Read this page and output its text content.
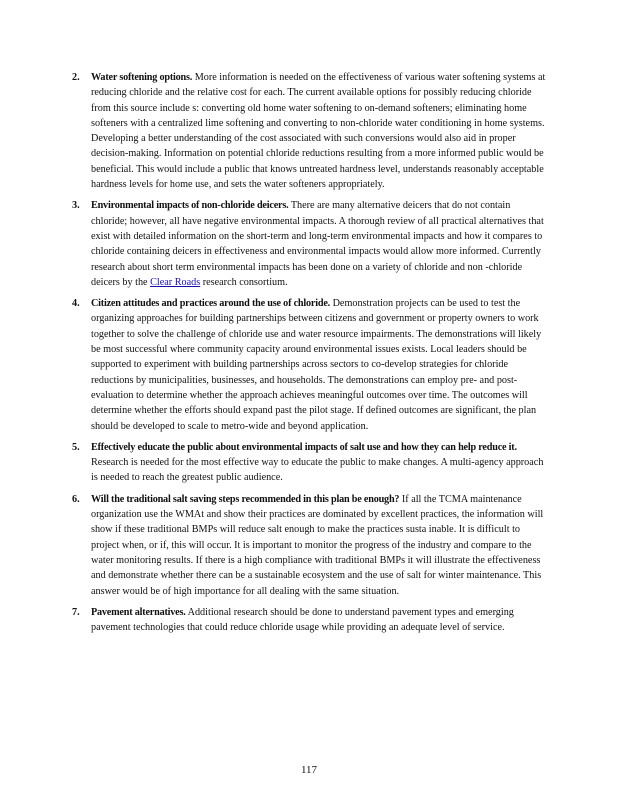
2. Water softening options. More information is needed on the effectiveness of various water softening systems at reducing chloride and the relative cost for each. The current available options for possibly reducing chloride from this source include s: converting old home water softening to on-demand softeners; eliminating home softeners with a centralized lime softening and converting to non-chloride water conditioning in home systems. Developing a better understanding of the cost associated with such conversions would also aid in proper decision-making. Information on potential chloride reductions resulting from a more informed public would be beneficial. This would include a public that knows untreated hardness level, understands reasonably acceptable hardness levels for home use, and sets the water softeners appropriately.
3. Environmental impacts of non-chloride deicers. There are many alternative deicers that do not contain chloride; however, all have negative environmental impacts. A thorough review of all practical alternatives that exist with detailed information on the short-term and long-term environmental impacts and how it compares to chloride containing deicers in effectiveness and environmental impacts would allow more informed. Currently research about short term environmental impacts has been done on a variety of chloride and non -chloride deicers by the Clear Roads research consortium.
4. Citizen attitudes and practices around the use of chloride. Demonstration projects can be used to test the organizing approaches for building partnerships between citizens and government or property owners to work together to solve the challenge of chloride use and water resource impairments. The demonstrations will likely be most successful where community capacity around environmental issues exists. Local leaders should be supported to experiment with building partnerships across sectors to co-develop strategies for chloride reductions by municipalities, businesses, and households. The demonstrations can employ pre- and post-evaluation to determine whether the approach achieves meaningful outcomes over time. The outcomes will determine whether the efforts should expand past the pilot stage. If defined outcomes are significant, the plan should be developed to scale to metro-wide and beyond application.
5. Effectively educate the public about environmental impacts of salt use and how they can help reduce it. Research is needed for the most effective way to educate the public to make changes. A multi-agency approach is needed to reach the greatest public audience.
6. Will the traditional salt saving steps recommended in this plan be enough? If all the TCMA maintenance organization use the WMAt and show their practices are dominated by excellent practices, the information will show if these traditional BMPs will reduce salt enough to make the practices susta inable. It is difficult to project when, or if, this will occur. It is important to monitor the progress of the industry and compare to the water monitoring results. If there is a high compliance with traditional BMPs it will illustrate the effectiveness and demonstrate whether there can be a sustainable ecosystem and the use of salt for winter maintenance. This answer would be of high importance for all dealing with the same situation.
7. Pavement alternatives. Additional research should be done to understand pavement types and emerging pavement technologies that could reduce chloride usage while providing an adequate level of service.
117
